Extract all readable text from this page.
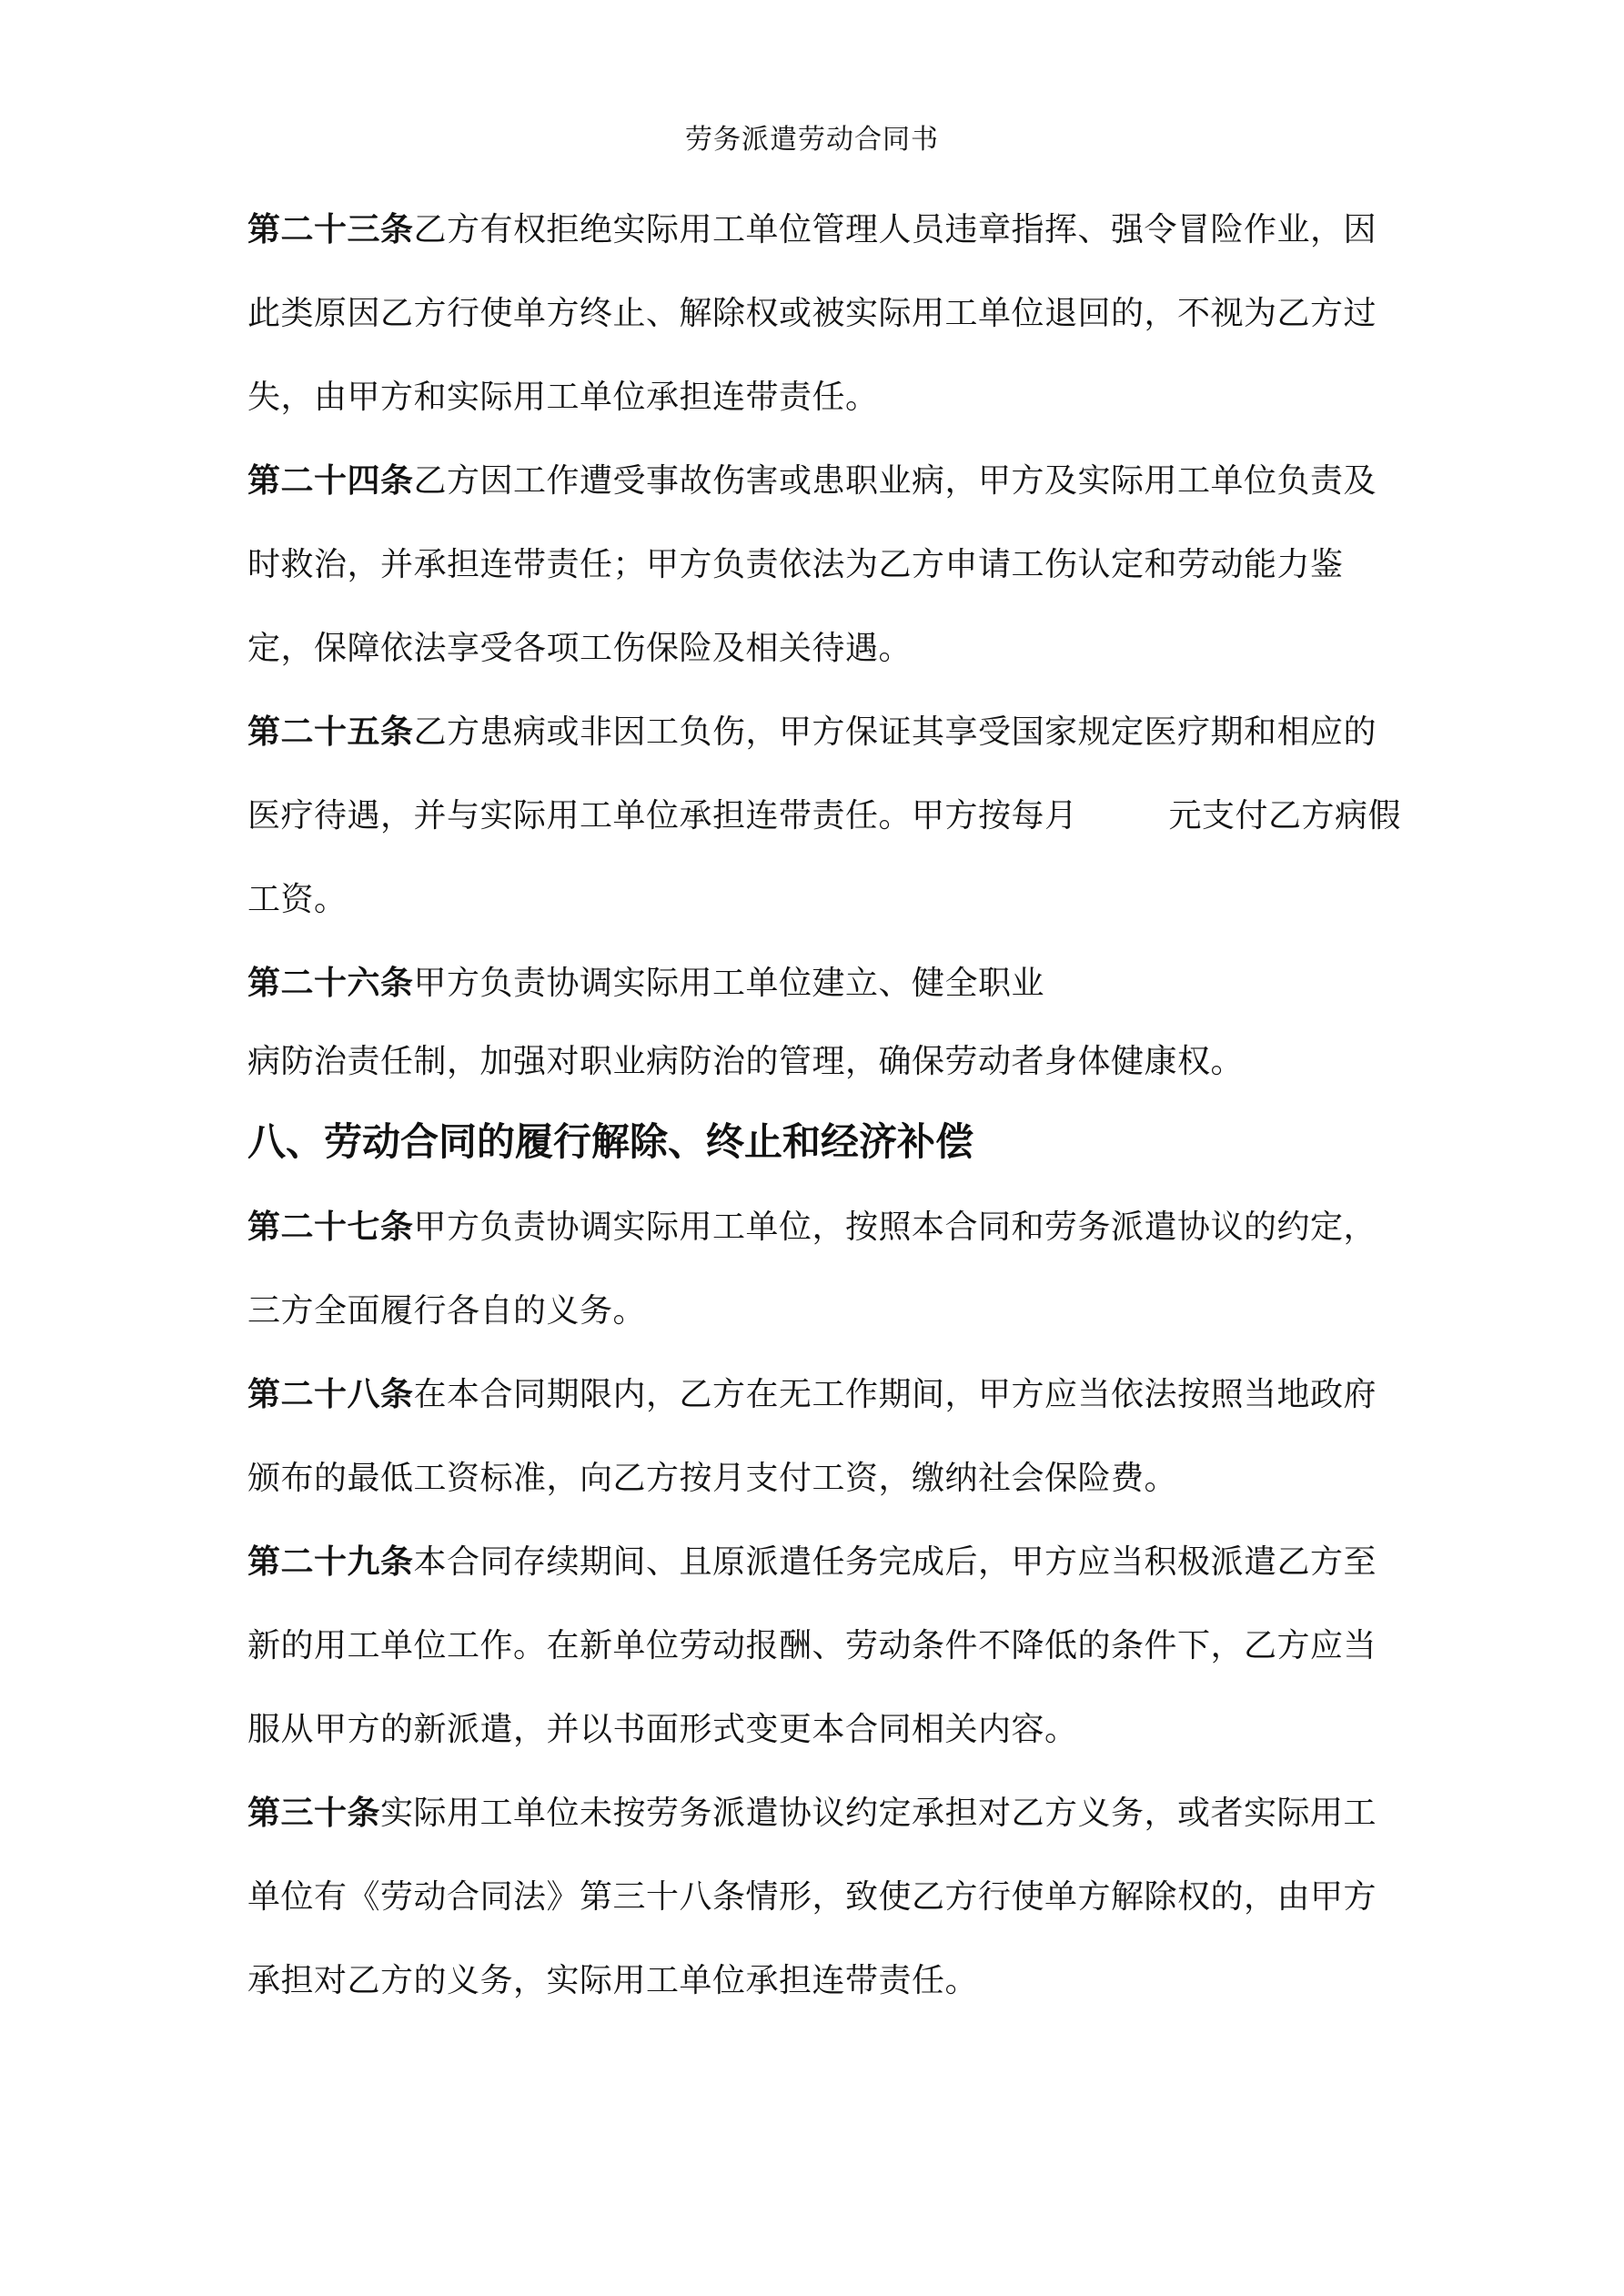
劳务派遣劳动合同书
第二十三条乙方有权拒绝实际用工单位管理人员违章指挥、强令冒险作业，因
此类原因乙方行使单方终止、解除权或被实际用工单位退回的，不视为乙方过
失，由甲方和实际用工单位承担连带责任。
第二十四条乙方因工作遭受事故伤害或患职业病，甲方及实际用工单位负责及
时救治，并承担连带责任；甲方负责依法为乙方申请工伤认定和劳动能力鉴
定，保障依法享受各项工伤保险及相关待遇。
第二十五条乙方患病或非因工负伤，甲方保证其享受国家规定医疗期和相应的
医疗待遇，并与实际用工单位承担连带责任。甲方按每月	元支付乙方病假
工资。
第二十六条甲方负责协调实际用工单位建立、健全职业
病防治责任制，加强对职业病防治的管理，确保劳动者身体健康权。
八、劳动合同的履行解除、终止和经济补偿
第二十七条甲方负责协调实际用工单位，按照本合同和劳务派遣协议的约定，
三方全面履行各自的义务。
第二十八条在本合同期限内，乙方在无工作期间，甲方应当依法按照当地政府
颁布的最低工资标准，向乙方按月支付工资，缴纳社会保险费。
第二十九条本合同存续期间、且原派遣任务完成后，甲方应当积极派遣乙方至
新的用工单位工作。在新单位劳动报酬、劳动条件不降低的条件下，乙方应当
服从甲方的新派遣，并以书面形式变更本合同相关内容。
第三十条实际用工单位未按劳务派遣协议约定承担对乙方义务，或者实际用工
单位有《劳动合同法》第三十八条情形，致使乙方行使单方解除权的，由甲方
承担对乙方的义务，实际用工单位承担连带责任。
